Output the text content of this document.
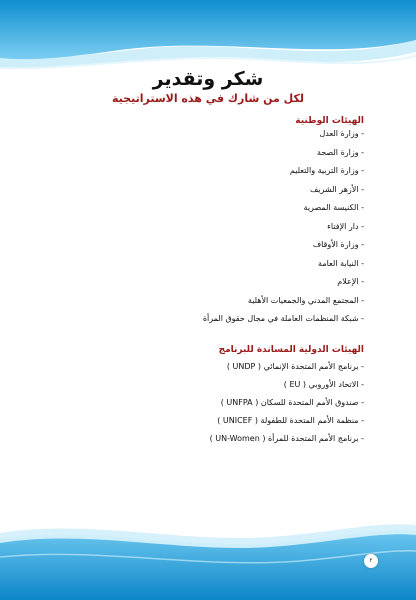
شكر وتقدير
لكل من شارك في هذه الاستراتيجية
الهيئات الوطنية
- وزارة العدل
- وزارة الصحة
- وزارة التربية والتعليم
- الأزهر الشريف
- الكنيسة المصرية
- دار الإفتاء
- وزارة الأوقاف
- النيابة العامة
- الإعلام
- المجتمع المدني والجمعيات الأهلية
- شبكة المنظمات العاملة في مجال حقوق المرأة
الهيئات الدولية المساندة للبرنامج
- برنامج الأمم المتحدة الإنمائي ( UNDP )
- الاتحاد الأوروبي ( EU )
- صندوق الأمم المتحدة للسكان ( UNFPA )
- منظمة الأمم المتحدة للطفولة ( UNICEF )
- برنامج الأمم المتحدة للمرأة ( UN-Women )
٢
